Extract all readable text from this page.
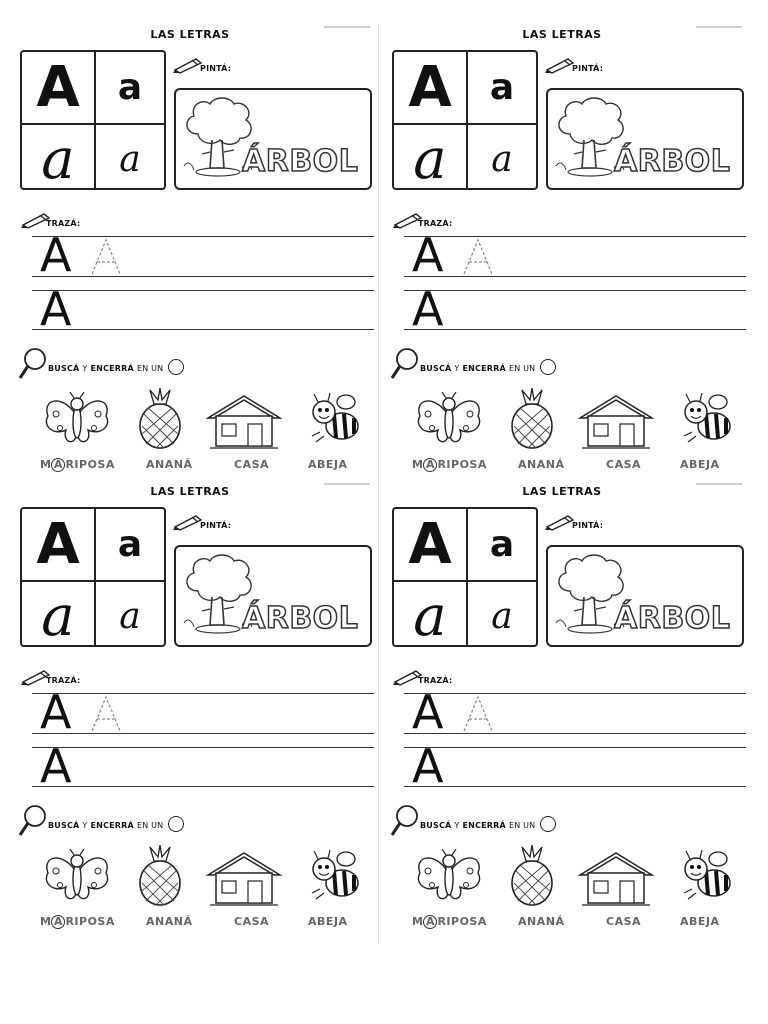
LAS LETRAS
A	a
a	a
PINTÁ:
ÁRBOL
TRAZÁ:
A
A
BUSCÁ Y ENCERRÁ EN UN
M A RIPOSA	ANANÁ	CASA	ABEJA
LAS LETRAS
A	a
a	a
PINTÁ:
ÁRBOL
TRAZÁ:
A
A
BUSCÁ Y ENCERRÁ EN UN
M A RIPOSA	ANANÁ	CASA	ABEJA
LAS LETRAS
A	a
a	a
PINTÁ:
ÁRBOL
TRAZÁ:
A
A
BUSCÁ Y ENCERRÁ EN UN
M A RIPOSA	ANANÁ	CASA	ABEJA
LAS LETRAS
A	a
a	a
PINTÁ:
ÁRBOL
TRAZÁ:
A
A
BUSCÁ Y ENCERRÁ EN UN
M A RIPOSA	ANANÁ	CASA	ABEJA
